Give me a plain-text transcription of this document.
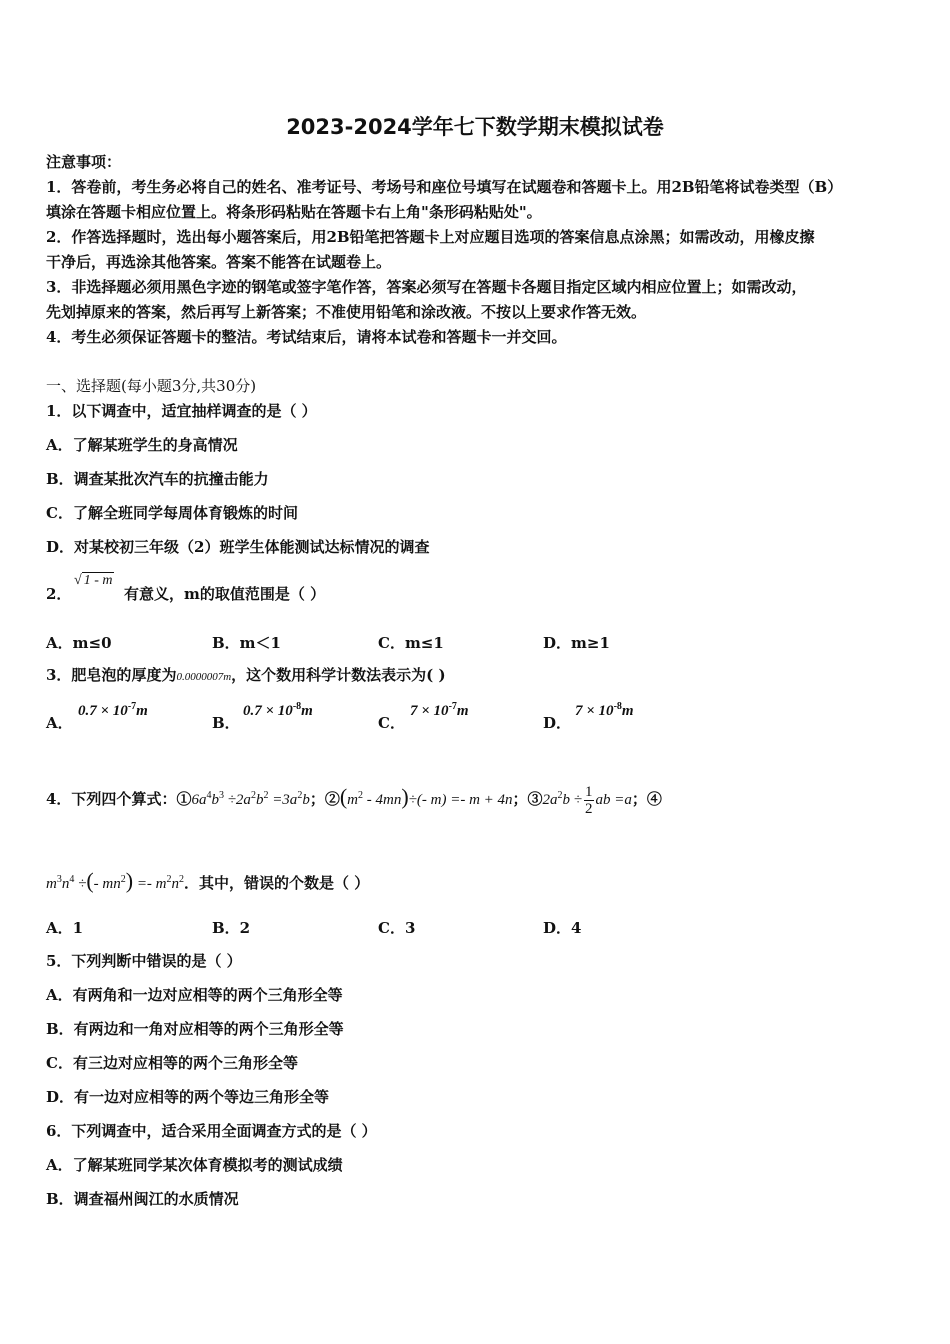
2023-2024学年七下数学期末模拟试卷
注意事项：
1．答卷前，考生务必将自己的姓名、准考证号、考场号和座位号填写在试题卷和答题卡上。用2B铅笔将试卷类型（B）
填涂在答题卡相应位置上。将条形码粘贴在答题卡右上角"条形码粘贴处"。
2．作答选择题时，选出每小题答案后，用2B铅笔把答题卡上对应题目选项的答案信息点涂黑；如需改动，用橡皮擦
干净后，再选涂其他答案。答案不能答在试题卷上。
3．非选择题必须用黑色字迹的钢笔或签字笔作答，答案必须写在答题卡各题目指定区域内相应位置上；如需改动，
先划掉原来的答案，然后再写上新答案；不准使用铅笔和涂改液。不按以上要求作答无效。
4．考生必须保证答题卡的整洁。考试结束后，请将本试卷和答题卡一并交回。
一、选择题(每小题3分,共30分)
1．以下调查中，适宜抽样调查的是（ ）
A．了解某班学生的身高情况
B．调查某批次汽车的抗撞击能力
C．了解全班同学每周体育锻炼的时间
D．对某校初三年级（2）班学生体能测试达标情况的调查
√ 1 - m
2．	有意义，m的取值范围是（ ）
A．m≤0	B．m＜1	C．m≤1	D．m≥1
3．肥皂泡的厚度为0.0000007m，这个数用科学计数法表示为( )
A．
$0.7 \times 10^{-7}m$
B．
$0.7 \times 10^{-8}m$
C．
$7 \times 10^{-7}m$
D．
$7 \times 10^{-8}m$
4．下列四个算式：$①6a^4b^3 \div 2a^2b^2 =3a^2b$；$②(m^2 - 4mn)\div(-$ m) =- m + 4n；$③2a^2b \div \frac{1}{2}$ ab =a；④
$m^3n^4$ ÷(- $mn^2) =- m^2n^2$．其中，错误的个数是（ ）
A．1	B．2	C．3	D．4
5．下列判断中错误的是（ ）
A．有两角和一边对应相等的两个三角形全等
B．有两边和一角对应相等的两个三角形全等
C．有三边对应相等的两个三角形全等
D．有一边对应相等的两个等边三角形全等
6．下列调查中，适合采用全面调查方式的是（ ）
A．了解某班同学某次体育模拟考的测试成绩
B．调查福州闽江的水质情况
